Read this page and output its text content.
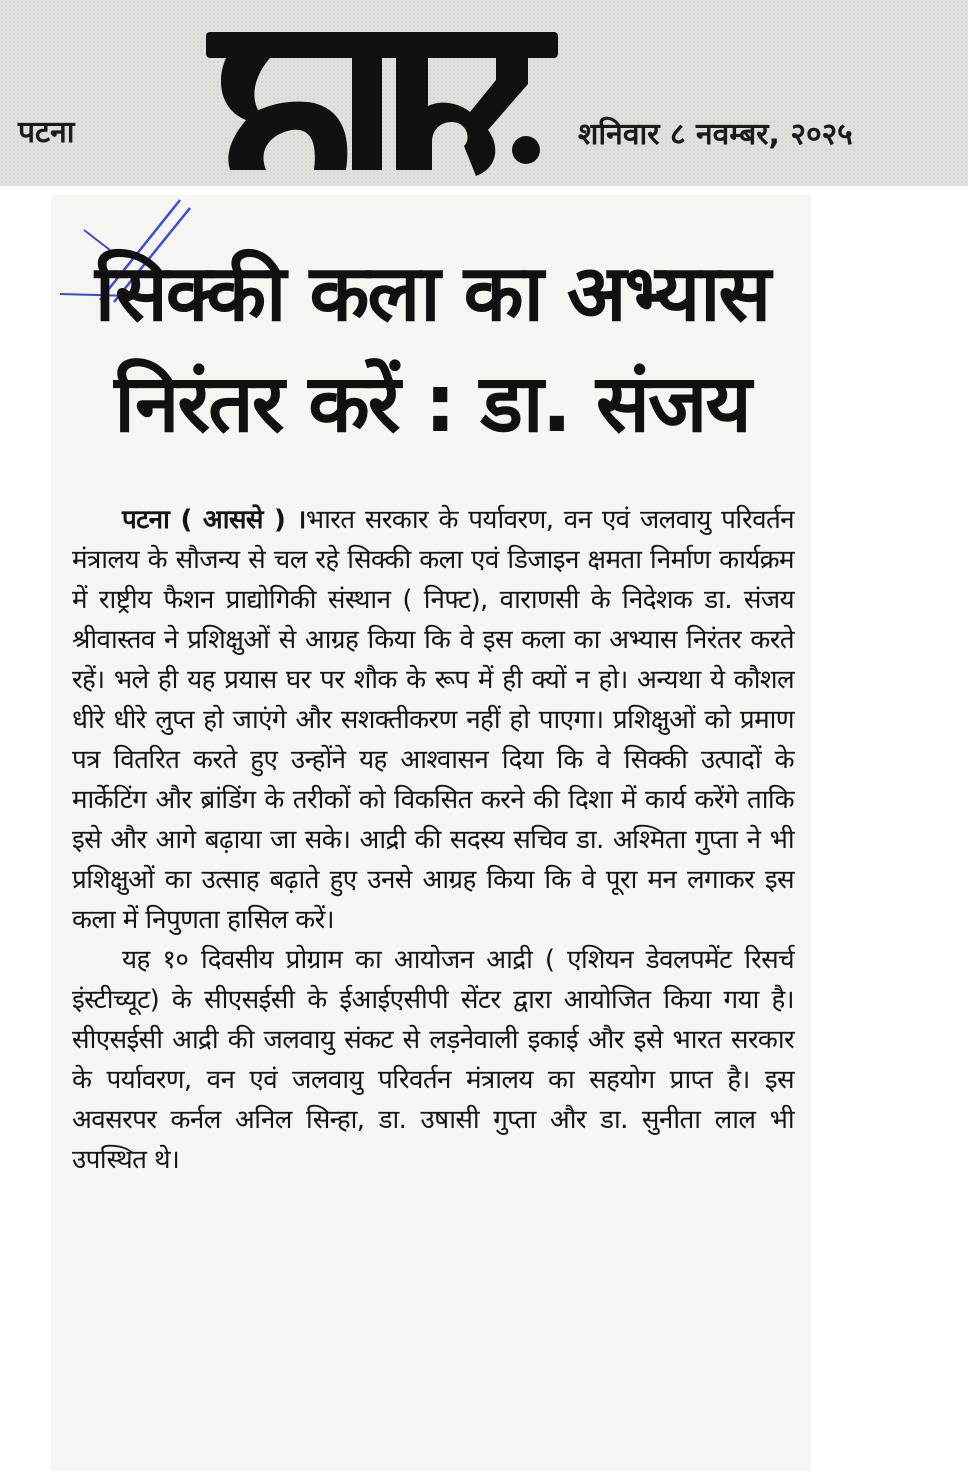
पटना	शनिवार ८ नवम्बर, २०२५
सिक्की कला का अभ्यास
निरंतर करें : डा. संजय

पटना ( आससे ) ।भारत सरकार के पर्यावरण, वन एवं जलवायु परिवर्तन मंत्रालय के सौजन्य से चल रहे सिक्की कला एवं डिजाइन क्षमता निर्माण कार्यक्रम में राष्ट्रीय फैशन प्राद्योगिकी संस्थान ( निफ्ट), वाराणसी के निदेशक डा. संजय श्रीवास्तव ने प्रशिक्षुओं से आग्रह किया कि वे इस कला का अभ्यास निरंतर करते रहें। भले ही यह प्रयास घर पर शौक के रूप में ही क्यों न हो। अन्यथा ये कौशल धीरे धीरे लुप्त हो जाएंगे और सशक्तीकरण नहीं हो पाएगा। प्रशिक्षुओं को प्रमाण पत्र वितरित करते हुए उन्होंने यह आश्वासन दिया कि वे सिक्की उत्पादों के मार्केटिंग और ब्रांडिंग के तरीकों को विकसित करने की दिशा में कार्य करेंगे ताकि इसे और आगे बढ़ाया जा सके। आद्री की सदस्य सचिव डा. अश्मिता गुप्ता ने भी प्रशिक्षुओं का उत्साह बढ़ाते हुए उनसे आग्रह किया कि वे पूरा मन लगाकर इस कला में निपुणता हासिल करें।

यह १० दिवसीय प्रोग्राम का आयोजन आद्री ( एशियन डेवलपमेंट रिसर्च इंस्टीच्यूट) के सीएसईसी के ईआईएसीपी सेंटर द्वारा आयोजित किया गया है। सीएसईसी आद्री की जलवायु संकट से लड़नेवाली इकाई और इसे भारत सरकार के पर्यावरण, वन एवं जलवायु परिवर्तन मंत्रालय का सहयोग प्राप्त है। इस अवसरपर कर्नल अनिल सिन्हा, डा. उषासी गुप्ता और डा. सुनीता लाल भी उपस्थित थे।
